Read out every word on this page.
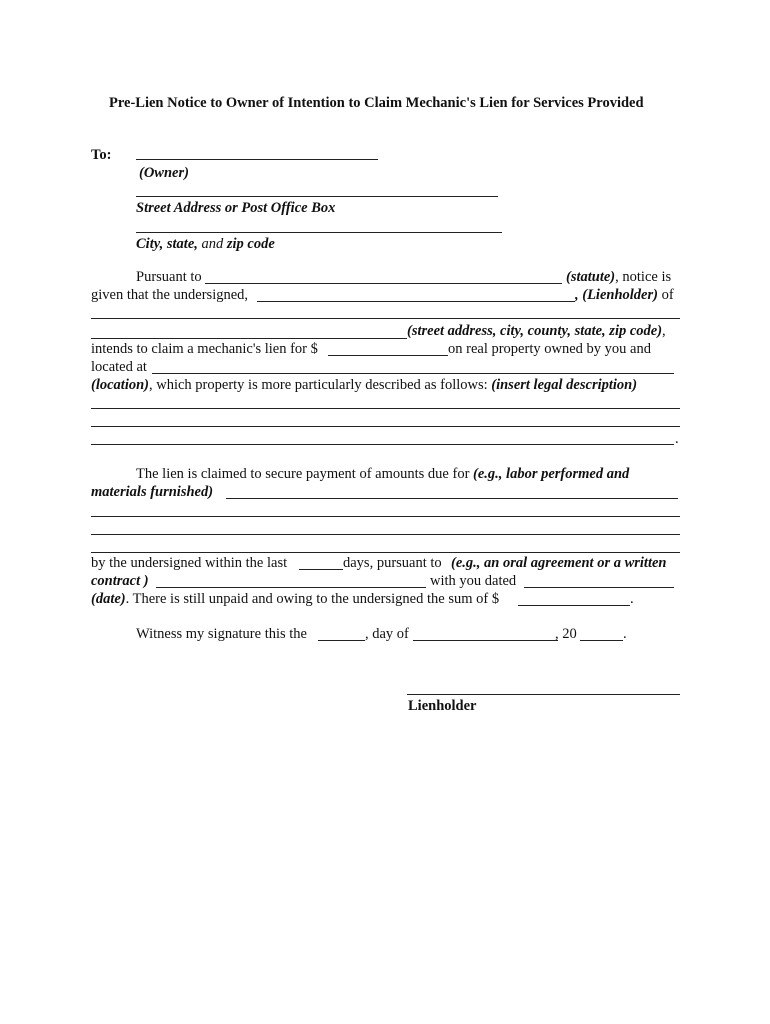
Pre-Lien Notice to Owner of Intention to Claim Mechanic's Lien for Services Provided
To:
(Owner)
Street Address or Post Office Box
City, state, and zip code
Pursuant to	(statute), notice is
given that the undersigned,	, (Lienholder) of
(street address, city, county, state, zip code),
intends to claim a mechanic's lien for $	on real property owned by you and
located at
(location), which property is more particularly described as follows: (insert legal description)
.
The lien is claimed to secure payment of amounts due for (e.g., labor performed and
materials furnished)
by the undersigned within the last	days, pursuant to (e.g., an oral agreement or a written
contract )	with you dated
(date). There is still unpaid and owing to the undersigned the sum of $	.
Witness my signature this the	, day of	, 20	.
Lienholder
